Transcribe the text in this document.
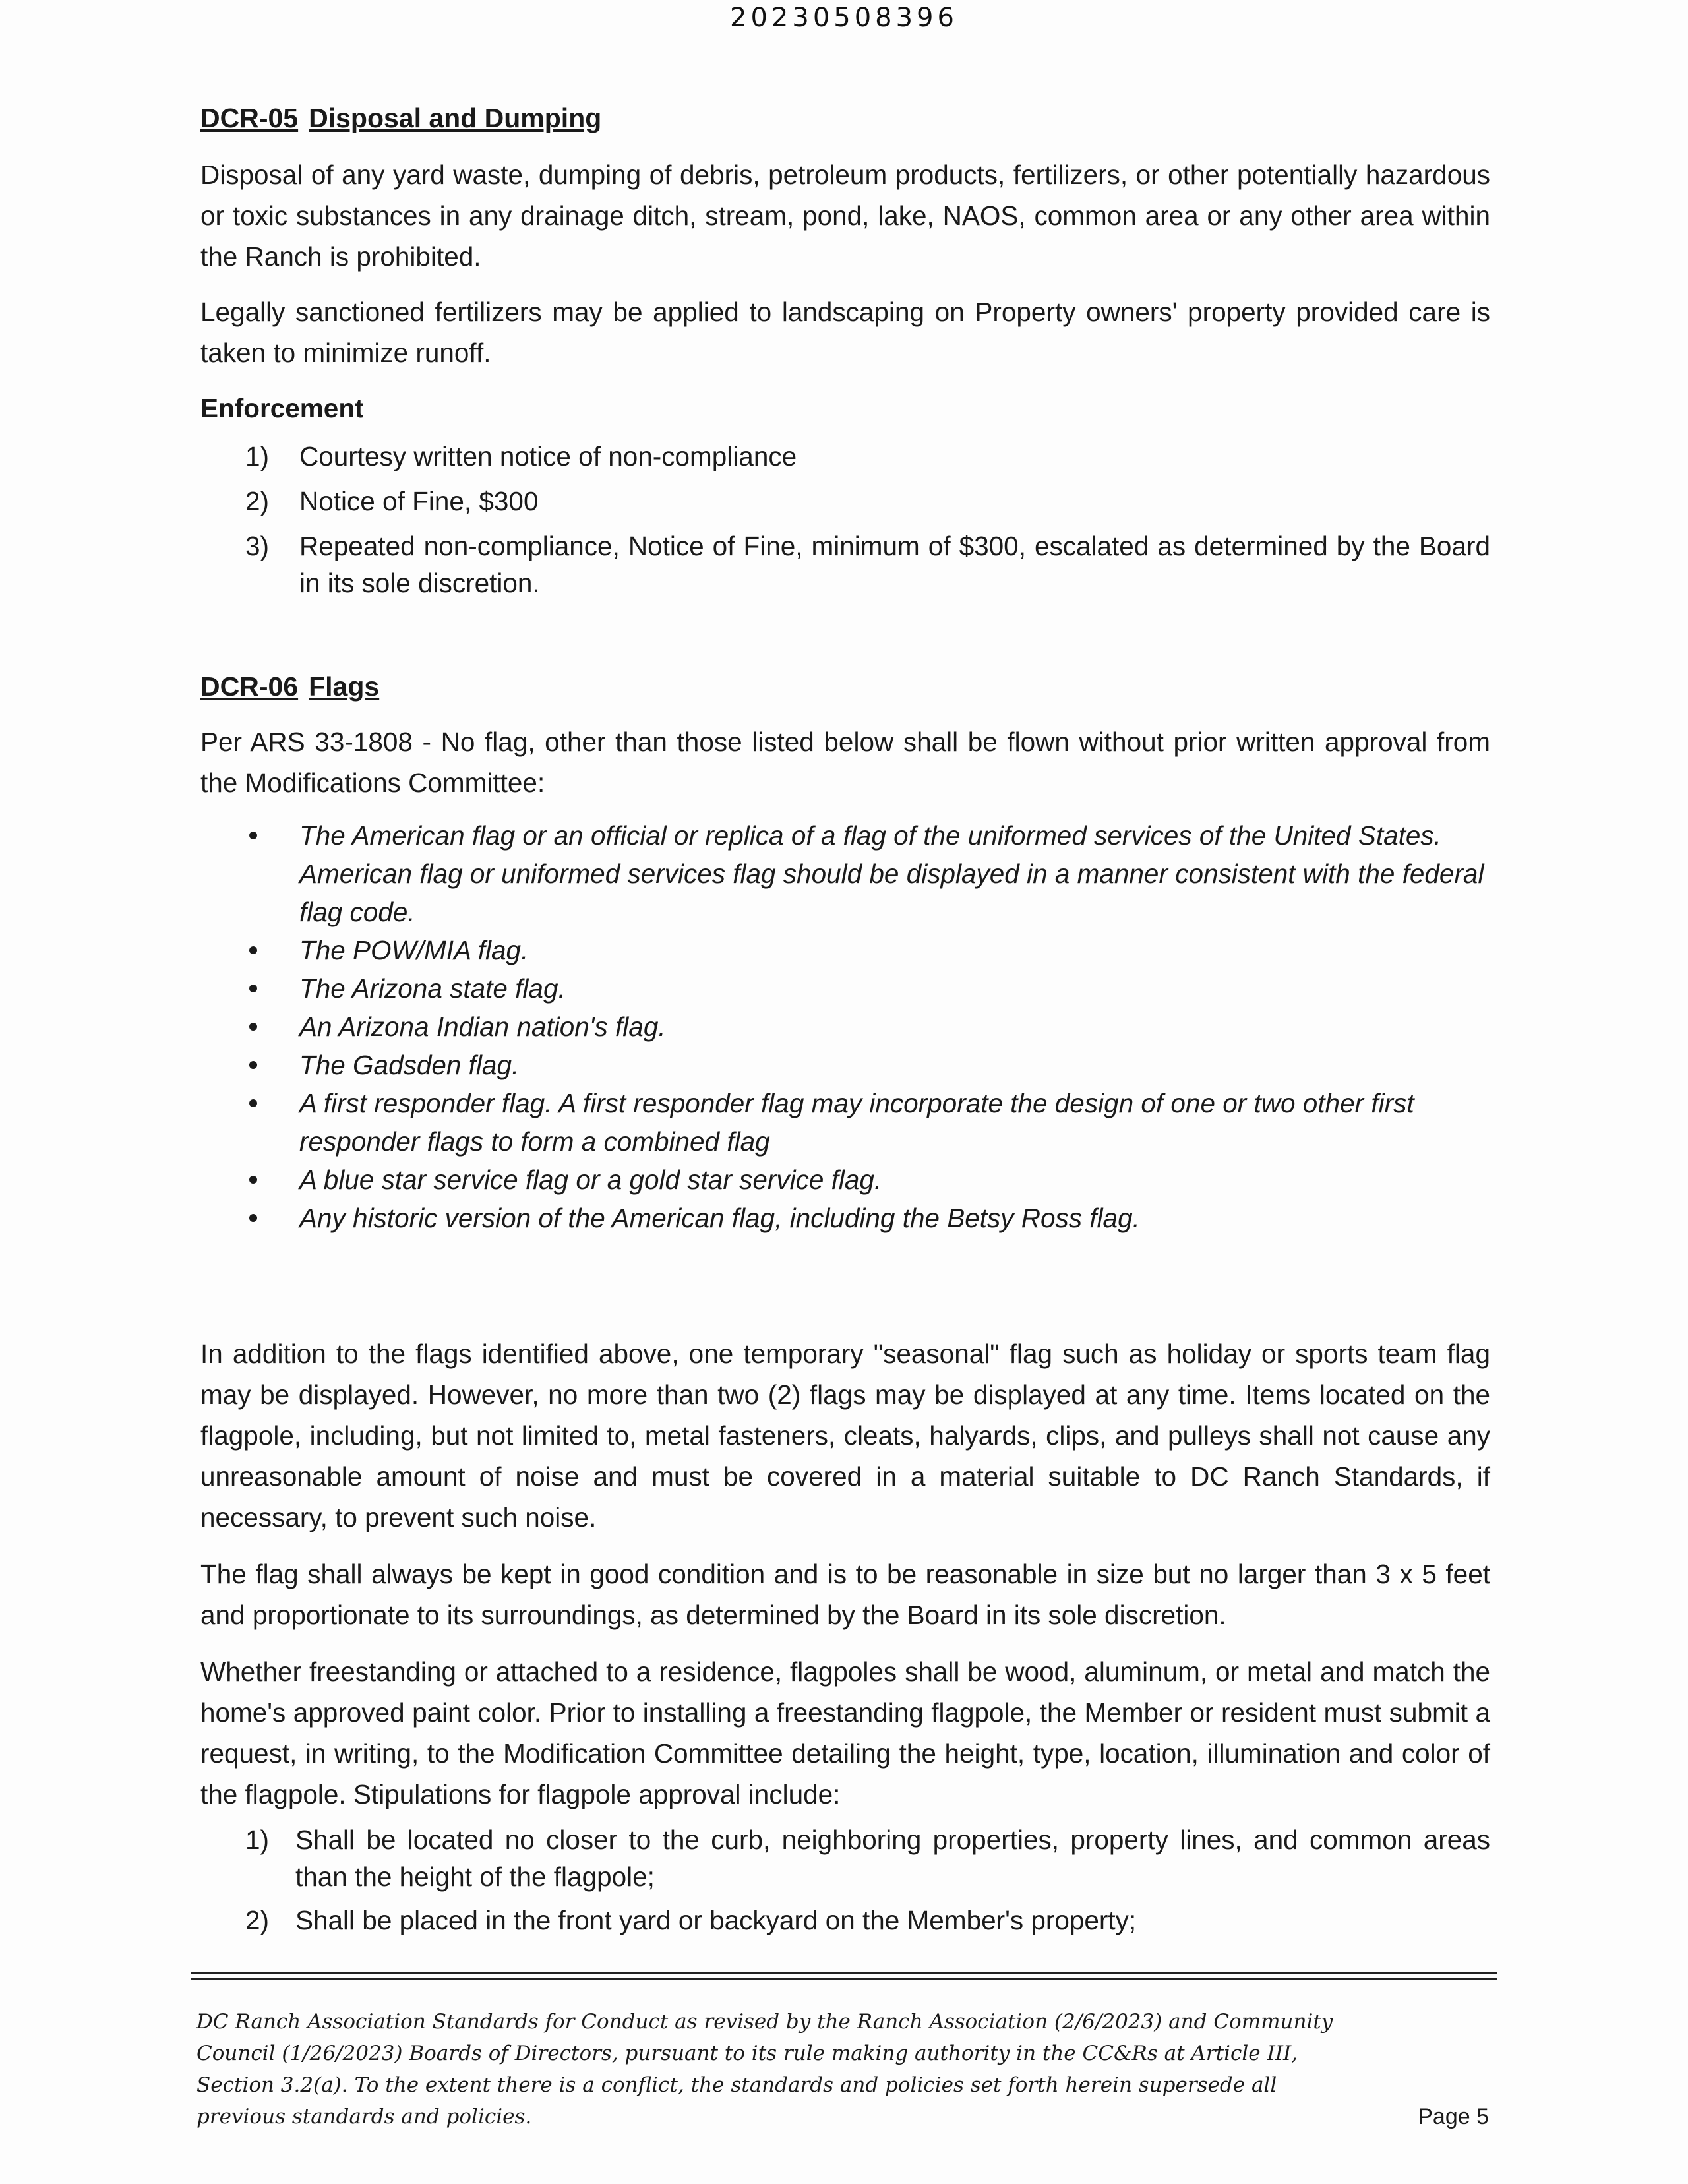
20230508396
DCR-05 Disposal and Dumping

Disposal of any yard waste, dumping of debris, petroleum products, fertilizers, or other potentially hazardous or toxic substances in any drainage ditch, stream, pond, lake, NAOS, common area or any other area within the Ranch is prohibited.

Legally sanctioned fertilizers may be applied to landscaping on Property owners' property provided care is taken to minimize runoff.

Enforcement
1) Courtesy written notice of non-compliance
2) Notice of Fine, $300
3) Repeated non-compliance, Notice of Fine, minimum of $300, escalated as determined by the Board in its sole discretion.
DCR-06 Flags

Per ARS 33-1808 - No flag, other than those listed below shall be flown without prior written approval from the Modifications Committee:

The American flag or an official or replica of a flag of the uniformed services of the United States. American flag or uniformed services flag should be displayed in a manner consistent with the federal flag code.
The POW/MIA flag.
The Arizona state flag.
An Arizona Indian nation's flag.
The Gadsden flag.
A first responder flag. A first responder flag may incorporate the design of one or two other first responder flags to form a combined flag
A blue star service flag or a gold star service flag.
Any historic version of the American flag, including the Betsy Ross flag.

In addition to the flags identified above, one temporary "seasonal" flag such as holiday or sports team flag may be displayed. However, no more than two (2) flags may be displayed at any time. Items located on the flagpole, including, but not limited to, metal fasteners, cleats, halyards, clips, and pulleys shall not cause any unreasonable amount of noise and must be covered in a material suitable to DC Ranch Standards, if necessary, to prevent such noise.

The flag shall always be kept in good condition and is to be reasonable in size but no larger than 3 x 5 feet and proportionate to its surroundings, as determined by the Board in its sole discretion.

Whether freestanding or attached to a residence, flagpoles shall be wood, aluminum, or metal and match the home's approved paint color. Prior to installing a freestanding flagpole, the Member or resident must submit a request, in writing, to the Modification Committee detailing the height, type, location, illumination and color of the flagpole. Stipulations for flagpole approval include:

1) Shall be located no closer to the curb, neighboring properties, property lines, and common areas than the height of the flagpole;
2) Shall be placed in the front yard or backyard on the Member's property;
DC Ranch Association Standards for Conduct as revised by the Ranch Association (2/6/2023) and Community Council (1/26/2023) Boards of Directors, pursuant to its rule making authority in the CC&Rs at Article III, Section 3.2(a). To the extent there is a conflict, the standards and policies set forth herein supersede all previous standards and policies.	Page 5
